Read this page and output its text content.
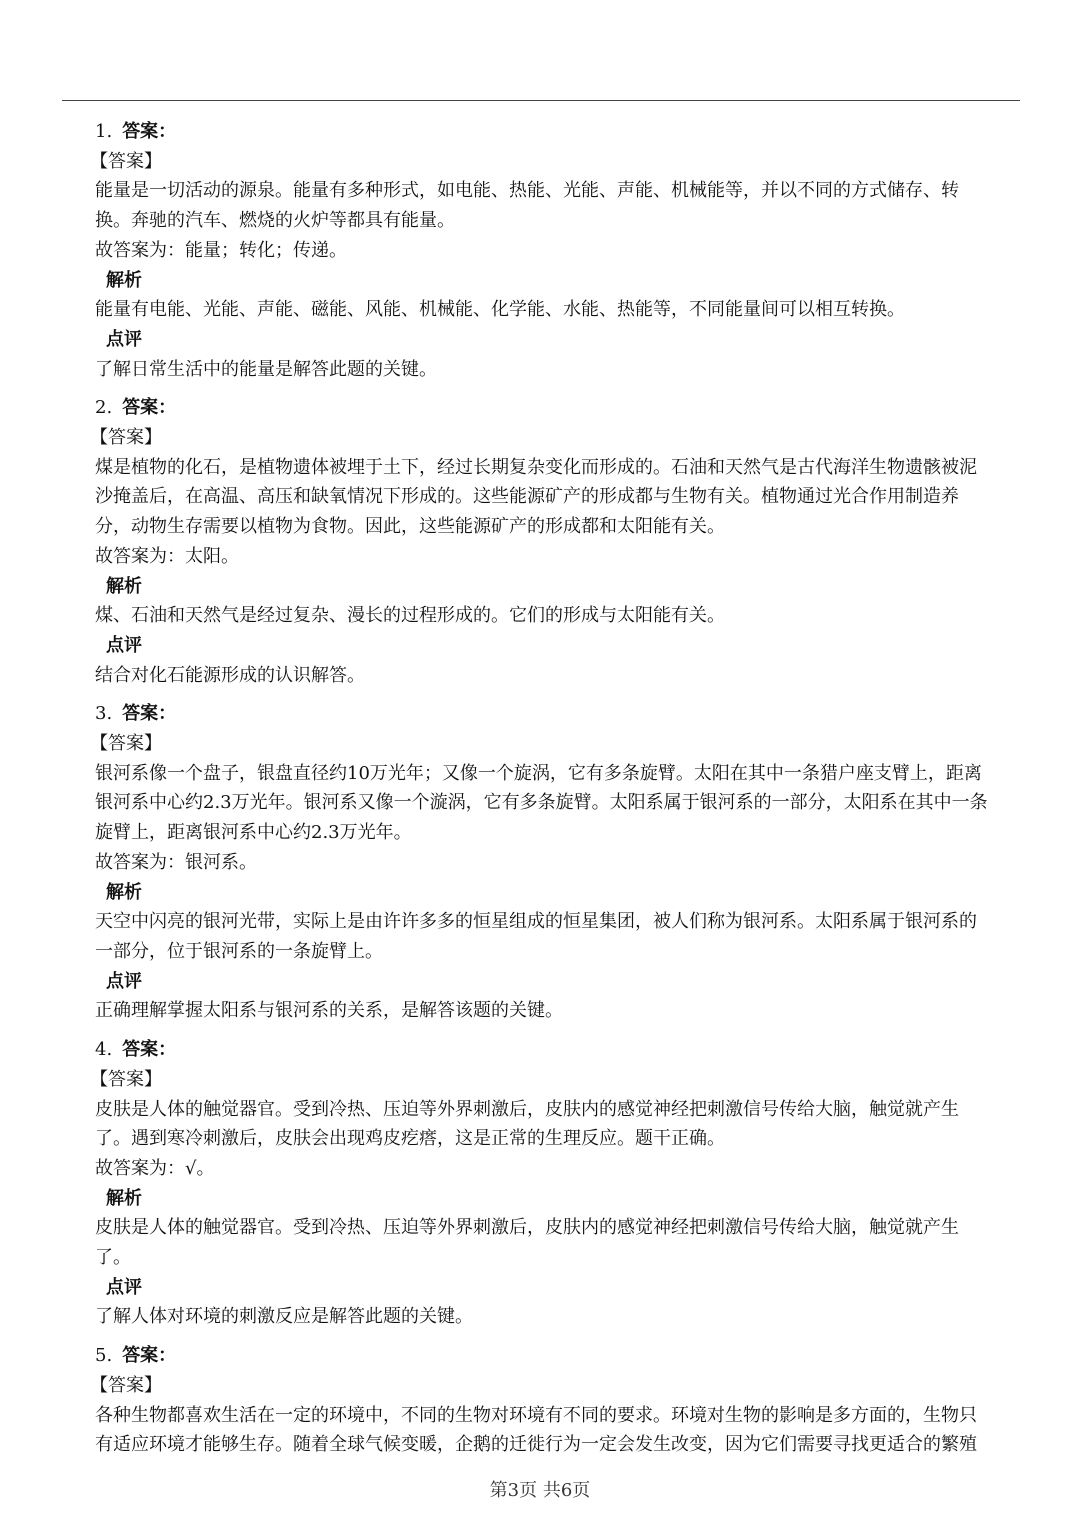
1. 答案：
【答案】
能量是一切活动的源泉。能量有多种形式，如电能、热能、光能、声能、机械能等，并以不同的方式储存、转
换。奔驰的汽车、燃烧的火炉等都具有能量。
故答案为：能量；转化；传递。
解析
能量有电能、光能、声能、磁能、风能、机械能、化学能、水能、热能等，不同能量间可以相互转换。
点评
了解日常生活中的能量是解答此题的关键。
2. 答案：
【答案】
煤是植物的化石，是植物遗体被埋于土下，经过长期复杂变化而形成的。石油和天然气是古代海洋生物遗骸被泥
沙掩盖后，在高温、高压和缺氧情况下形成的。这些能源矿产的形成都与生物有关。植物通过光合作用制造养
分，动物生存需要以植物为食物。因此，这些能源矿产的形成都和太阳能有关。
故答案为：太阳。
解析
煤、石油和天然气是经过复杂、漫长的过程形成的。它们的形成与太阳能有关。
点评
结合对化石能源形成的认识解答。
3. 答案：
【答案】
银河系像一个盘子，银盘直径约10万光年；又像一个旋涡，它有多条旋臂。太阳在其中一条猎户座支臂上，距离
银河系中心约2.3万光年。银河系又像一个漩涡，它有多条旋臂。太阳系属于银河系的一部分，太阳系在其中一条
旋臂上，距离银河系中心约2.3万光年。
故答案为：银河系。
解析
天空中闪亮的银河光带，实际上是由许许多多的恒星组成的恒星集团，被人们称为银河系。太阳系属于银河系的
一部分，位于银河系的一条旋臂上。
点评
正确理解掌握太阳系与银河系的关系，是解答该题的关键。
4. 答案：
【答案】
皮肤是人体的触觉器官。受到冷热、压迫等外界刺激后，皮肤内的感觉神经把刺激信号传给大脑，触觉就产生
了。遇到寒冷刺激后，皮肤会出现鸡皮疙瘩，这是正常的生理反应。题干正确。
故答案为：√。
解析
皮肤是人体的触觉器官。受到冷热、压迫等外界刺激后，皮肤内的感觉神经把刺激信号传给大脑，触觉就产生
了。
点评
了解人体对环境的刺激反应是解答此题的关键。
5. 答案：
【答案】
各种生物都喜欢生活在一定的环境中，不同的生物对环境有不同的要求。环境对生物的影响是多方面的，生物只
有适应环境才能够生存。随着全球气候变暖，企鹅的迁徙行为一定会发生改变，因为它们需要寻找更适合的繁殖
第3页 共6页
